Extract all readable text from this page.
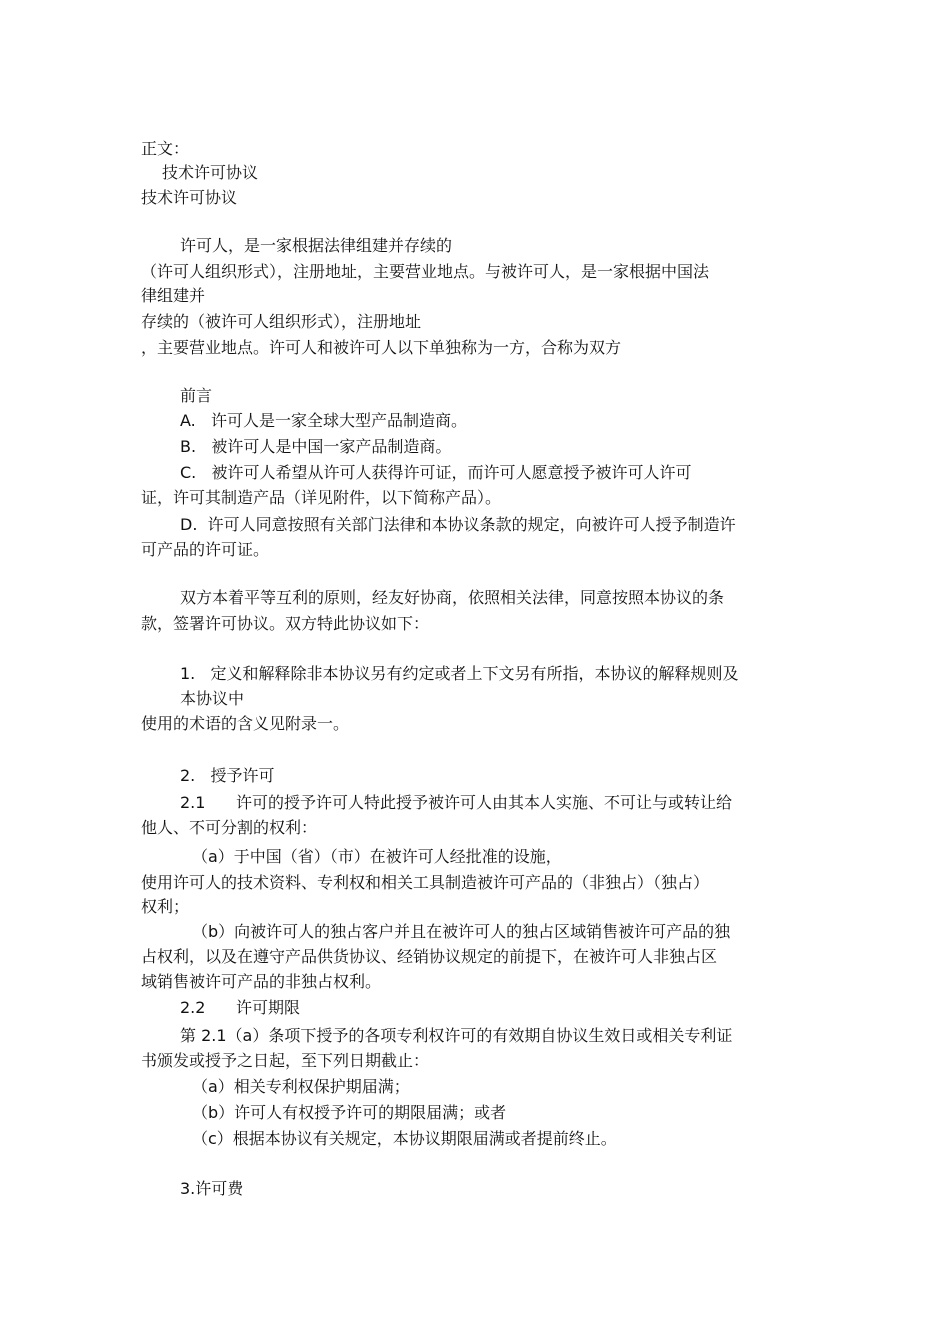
正文：
技术许可协议
技术许可协议
许可人，是一家根据法律组建并存续的
（许可人组织形式），注册地址，主要营业地点。与被许可人，是一家根据中国法
律组建并
存续的（被许可人组织形式），注册地址
，主要营业地点。许可人和被许可人以下单独称为一方，合称为双方
前言
A.   许可人是一家全球大型产品制造商。
B.   被许可人是中国一家产品制造商。
C.   被许可人希望从许可人获得许可证，而许可人愿意授予被许可人许可
证，许可其制造产品（详见附件，以下简称产品）。
D.  许可人同意按照有关部门法律和本协议条款的规定，向被许可人授予制造许
可产品的许可证。
双方本着平等互利的原则，经友好协商，依照相关法律，同意按照本协议的条
款，签署许可协议。双方特此协议如下：
1.   定义和解释除非本协议另有约定或者上下文另有所指，本协议的解释规则及
本协议中
使用的术语的含义见附录一。
2.   授予许可
2.1      许可的授予许可人特此授予被许可人由其本人实施、不可让与或转让给
他人、不可分割的权利：
（a）于中国（省）（市）在被许可人经批准的设施，
使用许可人的技术资料、专利权和相关工具制造被许可产品的（非独占）（独占）
权利；
（b）向被许可人的独占客户并且在被许可人的独占区域销售被许可产品的独
占权利，以及在遵守产品供货协议、经销协议规定的前提下，在被许可人非独占区
域销售被许可产品的非独占权利。
2.2      许可期限
第 2.1（a）条项下授予的各项专利权许可的有效期自协议生效日或相关专利证
书颁发或授予之日起，至下列日期截止：
（a）相关专利权保护期届满；
（b）许可人有权授予许可的期限届满；或者
（c）根据本协议有关规定，本协议期限届满或者提前终止。
3.许可费
